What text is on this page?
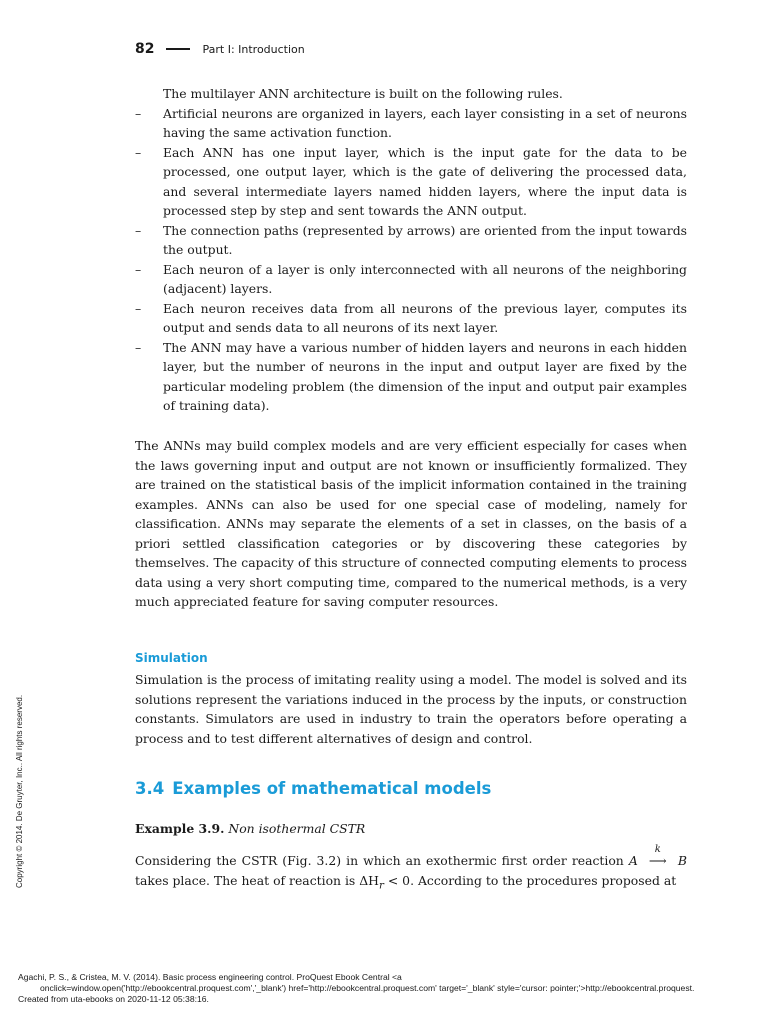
82	Part I: Introduction
The multilayer ANN architecture is built on the following rules.
– Artificial neurons are organized in layers, each layer consisting in a set of neurons having the same activation function.
– Each ANN has one input layer, which is the input gate for the data to be processed, one output layer, which is the gate of delivering the processed data, and several intermediate layers named hidden layers, where the input data is processed step by step and sent towards the ANN output.
– The connection paths (represented by arrows) are oriented from the input towards the output.
– Each neuron of a layer is only interconnected with all neurons of the neighboring (adjacent) layers.
– Each neuron receives data from all neurons of the previous layer, computes its output and sends data to all neurons of its next layer.
– The ANN may have a various number of hidden layers and neurons in each hidden layer, but the number of neurons in the input and output layer are fixed by the particular modeling problem (the dimension of the input and output pair examples of training data).
The ANNs may build complex models and are very efficient especially for cases when the laws governing input and output are not known or insufficiently formalized. They are trained on the statistical basis of the implicit information contained in the training examples. ANNs can also be used for one special case of modeling, namely for classification. ANNs may separate the elements of a set in classes, on the basis of a priori settled classification categories or by discovering these categories by themselves. The capacity of this structure of connected computing elements to process data using a very short computing time, compared to the numerical methods, is a very much appreciated feature for saving computer resources.
Simulation
Simulation is the process of imitating reality using a model. The model is solved and its solutions represent the variations induced in the process by the inputs, or construction constants. Simulators are used in industry to train the operators before operating a process and to test different alternatives of design and control.
3.4 Examples of mathematical models
Example 3.9. Non isothermal CSTR
Considering the CSTR (Fig. 3.2) in which an exothermic first order reaction A
k
⟶ B takes place. The heat of reaction is $\Delta H_r < 0$. According to the procedures proposed at
Copyright © 2014. De Gruyter, Inc.. All rights reserved.
Agachi, P. S., & Cristea, M. V. (2014). Basic process engineering control. ProQuest Ebook Central <a
onclick=window.open('http://ebookcentral.proquest.com','_blank') href='http://ebookcentral.proquest.com' target='_blank' style='cursor: pointer;'>http://ebookcentral.proquest.
Created from uta-ebooks on 2020-11-12 05:38:16.
